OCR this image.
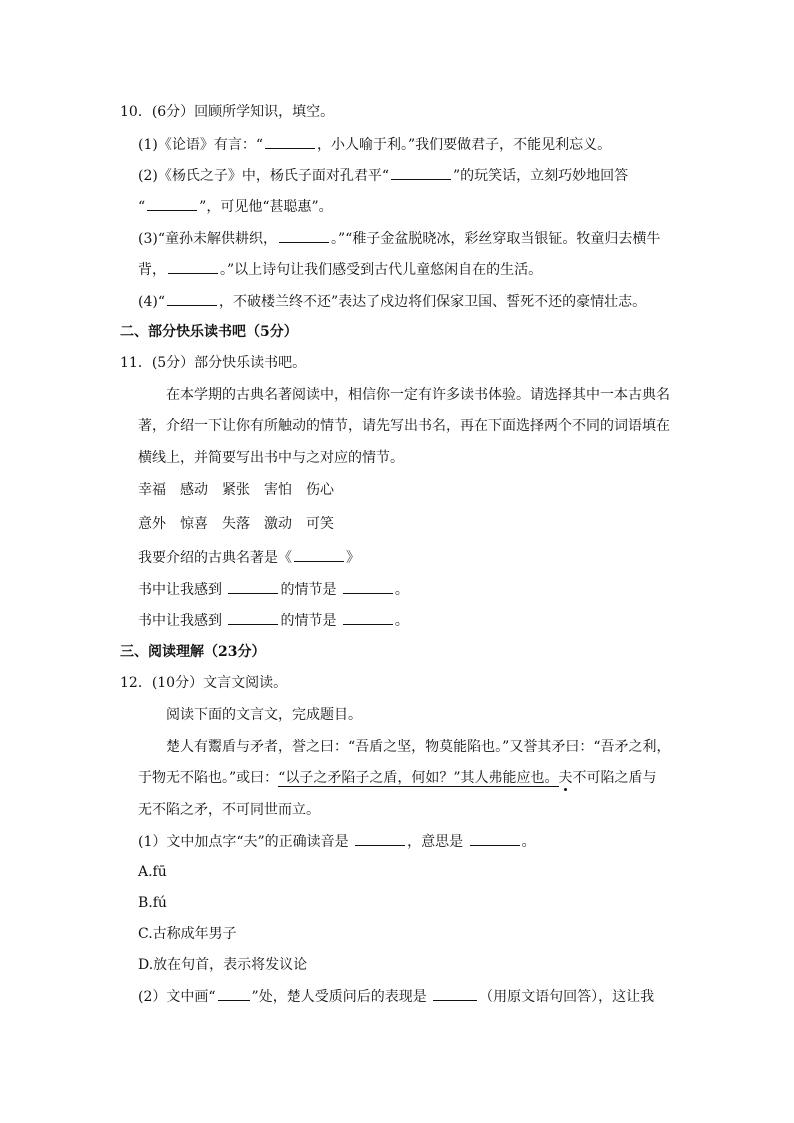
10．(6分）回顾所学知识，填空。
(1)《论语》有言：“	，小人喻于利。”我们要做君子，不能见利忘义。
(2)《杨氏之子》中，杨氏子面对孔君平“	”的玩笑话，立刻巧妙地回答
“	”，可见他“甚聪惠”。
(3)“童孙未解供耕织，	。”“稚子金盆脱晓冰，彩丝穿取当银钲。牧童归去横牛
背，	。”以上诗句让我们感受到古代儿童悠闲自在的生活。
(4)“	，不破楼兰终不还”表达了戍边将们保家卫国、誓死不还的豪情壮志。
二、部分快乐读书吧（5分）
11．(5分）部分快乐读书吧。
在本学期的古典名著阅读中，相信你一定有许多读书体验。请选择其中一本古典名
著，介绍一下让你有所触动的情节，请先写出书名，再在下面选择两个不同的词语填在
横线上，并简要写出书中与之对应的情节。
幸福 感动 紧张 害怕 伤心
意外 惊喜 失落 激动 可笑
我要介绍的古典名著是《	》
书中让我感到	的情节是	。
书中让我感到	的情节是	。
三、阅读理解（23分）
12．(10分）文言文阅读。
阅读下面的文言文，完成题目。
楚人有鬻盾与矛者，誉之曰：“吾盾之坚，物莫能陷也。”又誉其矛曰：“吾矛之利，
于物无不陷也。”或曰：“以子之矛陷子之盾，何如？”其人弗能应也。夫不可陷之盾与
无不陷之矛，不可同世而立。
(1）文中加点字“夫”的正确读音是	，意思是	。
A.fū
B.fú
C.古称成年男子
D.放在句首，表示将发议论
(2）文中画“	”处，楚人受质问后的表现是	（用原文语句回答），这让我
